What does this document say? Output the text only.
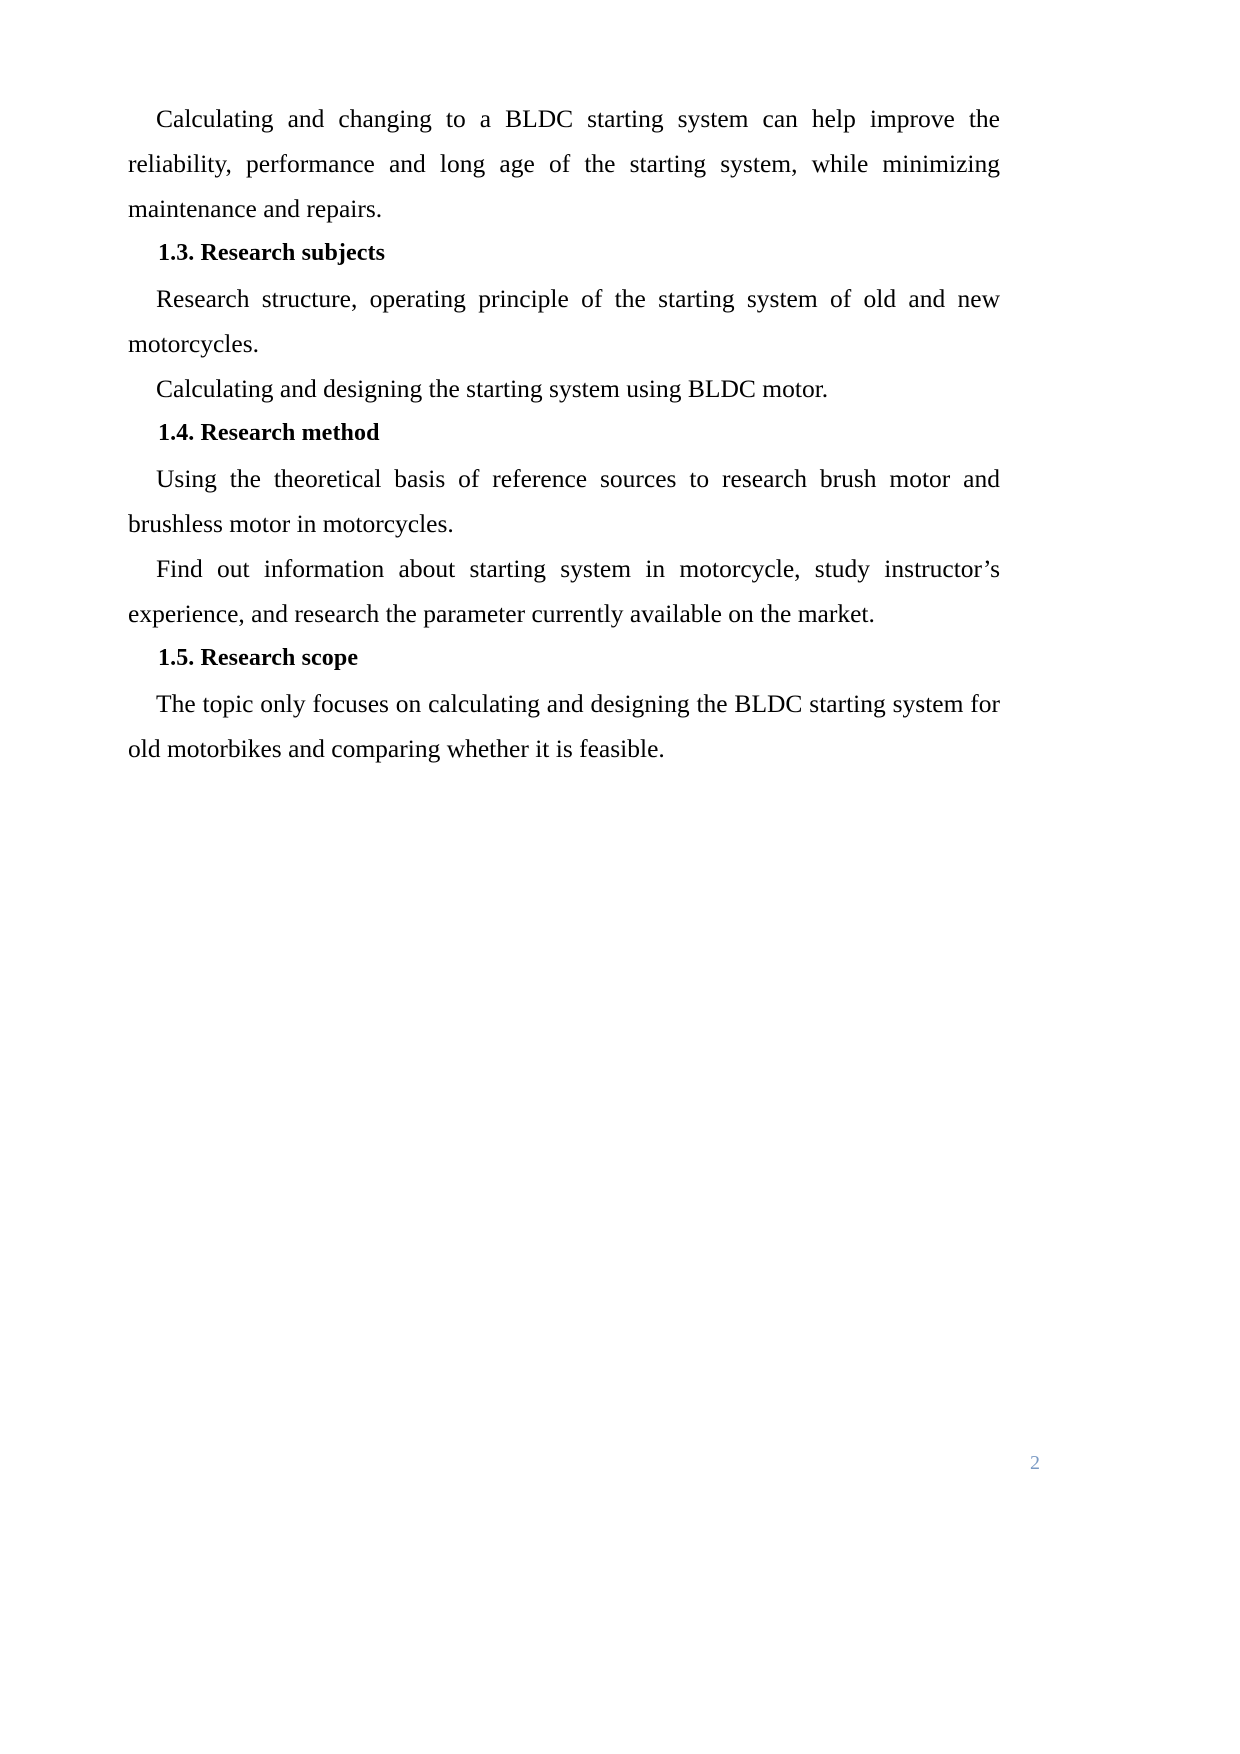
Calculating and changing to a BLDC starting system can help improve the reliability, performance and long age of the starting system, while minimizing maintenance and repairs.

1.3. Research subjects

Research structure, operating principle of the starting system of old and new motorcycles.

Calculating and designing the starting system using BLDC motor.

1.4. Research method

Using the theoretical basis of reference sources to research brush motor and brushless motor in motorcycles.

Find out information about starting system in motorcycle, study instructor’s experience, and research the parameter currently available on the market.

1.5. Research scope

The topic only focuses on calculating and designing the BLDC starting system for old motorbikes and comparing whether it is feasible.

2
